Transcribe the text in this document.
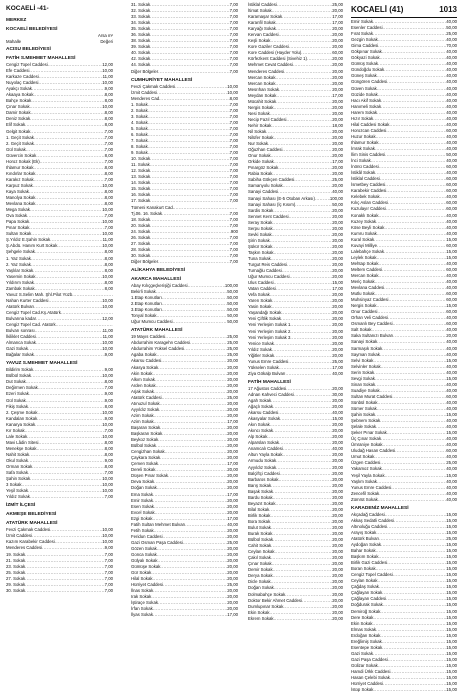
KOCAELİ -41-
MERKEZ
KOCAELİ BELEDİYESİ
Arsa m²
Mahalle	Değeri
ACISU BELEDİYESİ
FATİH S.MEHMET MAHALLESİ
Cengiz Topel Caddesi .....	12,00
Efe Caddesi .....	10,00
Karkaze Caddesi .....	11,00
Nuyolaç Caddesi .....	10,00
Ayakçı Sokak .....	9,00
Akaaya Sokak .....	8,00
Bahçe Sokak .....	8,00
Çınar Sokak .....	10,00
Damir Sokak .....	8,00
Deniz Sokak .....	8,00
Elif Sokak .....	8,00
Gelgit Sokak .....	7,00
1. Geçit Sokak .....	7,00
2. Geçit Sokak .....	7,00
Gül Sokak .....	7,00
Güvercin Sokak .....	8,00
Horoz Sokak (Ek) .....	7,00
Ihlamur Sokak .....	8,00
Kındırlar Sokak .....	8,00
Karakız Sokak .....	7,00
Karpuz Sokak .....	10,00
Kaya Sokak .....	8,00
Manolya Sokak .....	8,00
Mevlana Sokak .....	8,00
Mega Sokak .....	10,00
Ova Sokak .....	7,00
Papa Sokak .....	10,00
Pınar Sokak .....	7,00
Sultan Sokak .....	10,00
Ş.Yıldız E.Şahin Sokak .....	11,00
Ş.Abdü. Hanım Kurt Sokak .....	10,00
Şehgele Sokak .....	8,00
1. Yaz Sokak .....	8,00
2. Yaz Sokak .....	8,00
Yaşlılar Sokak .....	8,00
Yasemin Sokak .....	10,00
Yıldırım Sokak .....	8,00
Zambak Sokak .....	8,00
Yavuz S.Selim Mah. Şhl.Pilot Yüzb.
.....
Nahan Kurter Caddesi .....	10,00
Atatürk Bulvarı .....	10,00
Cengiz Topel Cad.Kş.Atatürk
.....
Bulvarına kadar .....	12,00
Cengiz Topel Cad. Atatürk
.....
Bulvarı sonrası .....	11,00
İkiliklet Caddesi .....	11,00
Almanca Sokak .....	10,00
Gazi Sokak .....	10,00
Bağalar Sokak .....	9,00
YAVUZ S.MEHMET MAHALLESİ
Bildirim Sokak .....	9,00
Bülbül Sokak .....	10,00
Dut Sokak .....	8,00
Değirmen Sokak .....	7,00
Ezeri Sokak .....	9,00
Gül Sokak .....	9,00
Fikiş Sokak .....	8,00
2. Çeşme Sokak .....	10,00
Kandalan Sokak .....	9,00
Kanarya Sokak .....	10,00
Kır Sokak .....	7,00
Lale Sokak .....	10,00
Mavi Lâdin Sitesi .....	8,00
Menekşe Sokak .....	8,00
Nahit Sokak .....	8,00
Okul Sokak .....	9,00
Orman Sokak .....	8,00
Safa Sokak .....	7,00
Şahin Sokak .....	10,00
3 Sokak .....	10,00
Yeşil Sokak .....	10,00
Yıldız Sokak .....	7,00
İZMİT İLÇESİ
AKMEŞE BELEDİYESİ
ATATÜRK MAHALLESİ
Fevzi Çakmak Caddesi .....	10,00
İzmit Caddesi .....	10,00
Kazım Karabekir Caddesi .....	10,00
Menderes Caddesi .....	9,00
19. Sokak .....	7,00
21. Sokak .....	7,00
23. Sokak .....	7,00
25. Sokak .....	7,00
27. Sokak .....	7,00
29. Sokak .....	7,00
30. Sokak .....	7,00
31. Sokak .....	7,00
32. Sokak .....	7,00
33. Sokak .....	7,00
34. Sokak .....	7,00
35. Sokak .....	7,00
36. Sokak .....	7,00
38. Sokak .....	7,00
39. Sokak .....	7,00
40. Sokak .....	7,00
42. Sokak .....	7,00
44. Sokak .....	7,00
Diğer Bölgeler .....	7,00
CUMHURİYET MAHALLESİ
Fevzi Çakmak Caddesi .....	10,00
İzmit Caddesi .....	10,00
Menderes Cad. .....	8,00
1. Sokak .....	7,00
2. Sokak .....	7,00
3. Sokak .....	7,00
4. Sokak .....	7,00
5. Sokak .....	7,00
6. Sokak .....	7,00
7. Sokak .....	7,00
8. Sokak .....	7,00
9. Sokak .....	7,00
10. Sokak .....	7,00
11. Sokak .....	7,00
12. Sokak .....	7,00
13. Sokak .....	7,00
14. Sokak .....	7,00
15. Sokak .....	7,00
16. Sokak .....	7,00
17. Sokak .....	7,00
Tümeni Kanakurt Cad.
.....
Tj.06. 16. Sokak .....	7,00
18. Sokak .....	7,00
20. Sokak .....	7,00
24. Sokak .....	900
26. Sokak .....	7,00
27. Sokak .....	7,00
28. Sokak .....	7,00
30. Sokak .....	7,00
Diğer Bölgeler .....	7,00
ALİKAHYA BELEDİYESİ
AKARCA MAHALLESİ
Abay Kılıçgeçkerişiği Caddesi .....	100,00
Bekirli Sokak .....	50,00
1.Etap Konutları .....	50,00
2.Etap Konutları .....	50,00
3.Etap Konutları .....	50,00
Tonyal Sokak .....	50,00
Uğur Mumcu Caddesi .....	50,00
ATATÜRK MAHALLESİ
19 Mayıs Caddesi .....	25,00
Abdurrahim Karagehn Caddesi .....	25,00
Abdurrahim Yüksel Caddesi .....	25,00
Agaba Sokak .....	25,00
Akarsu Caddesi .....	20,00
Akasya Sokak .....	20,00
Akin Sokak .....	20,00
Alkım Sokak .....	20,00
Arden Sokak .....	20,00
Arjak Sokak .....	20,00
Atatürk Caddesi .....	25,00
Atınuzul Sokak .....	20,00
Ayyıldız Sokak .....	20,00
Azim Sokak .....	20,00
Azim Sokak .....	17,00
Başaran Sokak .....	20,00
Başkaran Sokak .....	20,00
Beykoz Sokak .....	20,00
Bülbül Sokak .....	20,00
Cengizhan Sokak .....	20,00
Çaykara Sokak .....	20,00
Çemen Sokak .....	17,00
Dereli Sokak .....	20,00
Düşen Pınar Sokak .....	20,00
Deva Sokak .....	20,00
Doğan Sokak .....	20,00
Ema Sokak .....	17,00
Emir Sokak .....	20,00
Esen Sokak .....	20,00
Evcel Sokak .....	20,00
Ezgi Sokak .....	17,00
Fatih Sultan Mehmet Bulvarı .....	40,00
Fetih Sokak .....	20,00
Feridun Caddesi .....	20,00
Gazi Osman Paşa Caddesi .....	25,00
Gözen Sokak .....	20,00
Gonca Sokak .....	20,00
Gülyalı Sokak .....	20,00
Gümüşe Sokak .....	20,00
Gür Sokak .....	20,00
Hilal Sokak .....	20,00
Hürriyet Caddesi .....	25,00
İlnas Sokak .....	20,00
Irak Sokak .....	20,00
İştiraçe Sokak .....	20,00
İrfan Sokak .....	20,00
İlyas Sokak .....	17,00
İstiklal Caddesi .....	25,00
İtimat Sokak .....	20,00
Karamaşar Sokak .....	17,00
Karanfil Sokak .....	17,00
Karyağı Sokak .....	20,00
Kervan Caddesi .....	20,00
Keşli Sokak .....	20,00
Kore Gaziler Caddesi .....	20,00
Kore Caddesi (Hayder Yolu) .....	60,00
Körfezkent Caddesi (Sivehiz 1) .....	20,00
Mehmet Cevat Caddesi .....	20,00
Menderes Caddesi .....	20,00
Mercan Sokak .....	20,00
Mercan Sokak .....	20,00
Mesrıhan Sokak .....	20,00
Meydan Sokak .....	17,00
Mücahit Sokak .....	20,00
Nergis Sokak .....	20,00
Nesi Sokak .....	20,00
Necip Fazıl Caddesi .....	20,00
Nehir Sokak .....	18,00
Nil Sokak .....	20,00
Nilüfer Sokak .....	20,00
Nur Sokak .....	20,00
Oğuzhan Caddesi .....	20,00
Onur Sokak .....	20,00
Orkide Sokak .....	17,00
Pınargöz Sokak .....	20,00
Rabia Sokak .....	20,00
Sabiha Gökçen Caddesi .....	25,00
Samanyolu Sokak .....	20,00
Sanayi Caddesi .....	40,00
Sanayi Sahası (E-5 Otoban Arkası) .....	100,00
Sanayi Sahası (İç Kısım) .....	50,00
Sardis Sokak .....	20,00
Sennet Kent Caddesi .....	20,00
Seray Sokak .....	20,00
Serpu Sokak .....	20,00
Sevki Sokak .....	20,00
Şirin Sokak .....	20,00
Şükür Sokak .....	20,00
Taşkın Sokak .....	20,00
Tuna Sokak .....	20,00
Turgut Reis Caddesi .....	20,00
Turnağlu Caddesi .....	20,00
Uğur Mumcu Caddesi .....	20,00
Ulus Caddesi .....	15,00
Vatan Caddesi .....	17,00
Vefa Sokak .....	20,00
Yaren Sokak .....	20,00
Yasin Sokak .....	20,00
Yaşandağı Sokak .....	20,00
Yeni Çiftlik Sokak .....	20,00
Yeni Yerleşim Sokak 1 .....	20,00
Yeni Yerleşim Sokak 2 .....	20,00
Yeni Yerleşim Sokak 3 .....	20,00
Yenice Sokak .....	20,00
Yıldız Sokak .....	20,00
Yiğitler Sokak .....	20,00
Yunus Emre Caddesi .....	25,00
Yükselen Sokak .....	17,00
Ziya Gökalp Bulvarı .....	40,00
FATİH MAHALLESİ
17 Ağustos Caddesi .....	20,00
Adnan Kahveci Caddesi .....	30,00
Agah Sokak .....	20,00
Ağaçlı Sokak .....	20,00
Akarsu Caddesi .....	40,00
Akasyalar Sokak .....	15,00
Akın Sokak .....	20,00
Akıncı Sokak .....	20,00
Alp Sokak .....	20,00
Alparslan Sokak .....	20,00
Anamcalı Caddesi .....	40,00
Altun Yayla Sokak .....	20,00
Armudu Sokak .....	20,00
Ayyıldız Sokak .....	20,00
Balçiftçi Caddesi .....	20,00
Barbaros Sokak .....	20,00
Barış Sokak .....	20,00
Başak Sokak .....	20,00
Bardu Sokak .....	20,00
Beyazıt Sokak .....	20,00
Bilal Sokak .....	20,00
Birlik Sokak .....	20,00
Bora Sokak .....	20,00
Bulut Sokak .....	20,00
Burak Sokak .....	20,00
Bülbül Sokak .....	20,00
Cahit Sokak .....	20,00
Ceylan Sokak .....	20,00
Çakıl Sokak .....	20,00
Çınar Sokak .....	20,00
Demir Sokak .....	20,00
Derya Sokak .....	20,00
Dicle Sokak .....	20,00
Doğan Sokak .....	20,00
Dolmabahçe Sokak .....	20,00
Doktor Bekir Ahmet Caddesi .....	20,00
Dumlupınar Sokak .....	20,00
Ekin Sokak .....	20,00
Ekrem Sokak .....	20,00
KOCAELİ (41)	1013
Emir Sokak .....	40,00
Esenler Caddesi .....	50,00
Fırat Sokak .....	25,00
Gezgin Sokak .....	40,00
Gima Caddesi .....	70,00
Gökpınar Sokak .....	40,00
Gökyazi Sokak .....	40,00
Gümüş Sokak .....	40,00
Gündoğdu Sokak .....	40,00
Güneş Sokak .....	40,00
Güngören Caddesi .....	40,00
Güven Sokak .....	40,00
Güzide Sokak .....	40,00
Hacı Akif Sokak .....	40,00
Hanımeli Sokak .....	40,00
Harem Sokak .....	40,00
Hızır Sokak .....	40,00
Hilal Caddesi Sokak .....	40,00
Horozcan Caddesi .....	60,00
Huzur Sokak .....	40,00
Ihlamur Sokak .....	40,00
İmrak Sokak .....	40,00
İlim Sinis Caddesi .....	50,00
İnci Sokak .....	40,00
İnönü Caddesi .....	60,00
İstikâl Sokak .....	40,00
İstiklal Caddesi .....	60,00
İsmetbey Caddesi .....	60,00
Karabekir Caddesi .....	60,00
Kelebek Sokak .....	40,00
Kılıç Aslan Caddesi .....	60,00
Kuzulayır Caddesi .....	60,00
Konaklı Sokak .....	40,00
Kuzey Sokak .....	40,00
Köse Beyli Sokak .....	40,00
Kumru Sokak .....	40,00
Kural Sokak .....	15,00
Kuvayi Milliye .....	60,00
Lalebahçe Sokak .....	15,00
Leylek Sokak .....	15,00
Mehtap Sokak .....	40,00
Meltem Caddesi .....	60,00
Mercan Sokak .....	40,00
Meriç Sokak .....	40,00
Mevlana Caddesi .....	40,00
Mutlu Sokak .....	60,00
Muhsinyaz Caddesi .....	60,00
Nergis Sokak .....	15,00
Onur Caddesi .....	60,00
Orhan Veli Caddesi .....	40,00
Osmanlı Bey Caddesi .....	60,00
Salt Sokak .....	40,00
Saka Sultanızı Bulvarı .....	20,00
Sanayi Sokak .....	40,00
Sarmaşık Sokak .....	40,00
Sayman Sokak .....	40,00
Selvi Sokak .....	15,00
Selvinler Sokak .....	40,00
Serin Sokak .....	40,00
Sevgi Sokak .....	15,00
Sinan Sokak .....	40,00
Suadiye Sokak .....	40,00
Sultan Murat Caddesi .....	60,00
Sünbül Sokak .....	40,00
Sümer Sokak .....	40,00
Şahin Sokak .....	15,00
Şebnem Sokak .....	40,00
Şelale Sokak .....	40,00
Şeker Pınar Sokak .....	15,00
Üç Çınar Sokak .....	40,00
Ümraniye Sokak .....	40,00
Uludağ Hasan Caddesi .....	60,00
Umut Sokak .....	40,00
Üzgen Caddesi .....	25,00
Yakamoz Sokak .....	40,00
Yeşil Yayla Sokak .....	15,00
Yaşlım Sokak .....	40,00
Yunus Emre Caddesi .....	40,00
Zencefil Sokak .....	40,00
Zümrüt Sokak .....	40,00
KARADENİZ MAHALLESİ
Akçadağ Caddesi .....	15,00
Akkaş Sedatli Caddesi .....	15,00
Altınoluğu Caddesi .....	15,00
Arayış Sokak .....	15,00
Atatürk Bulvarı .....	25,00
Aydoğan Sokak .....	15,00
Bahar Sokak .....	15,00
Başkım Sokak .....	15,00
Birlik Gazi Caddesi .....	15,00
Boran Sokak .....	15,00
Cengiz Topel Caddesi .....	15,00
Ceylan Sokak .....	15,00
Çağdaş Sokak .....	15,00
Çağlayan Sokak .....	15,00
Çağlayan Caddesi .....	15,00
Doğdurak Sokak .....	15,00
Demiroğ Sokak .....	15,00
Dere Sokak .....	15,00
Ekin Sokak .....	15,00
Elmas Sokak .....	15,00
Erdoğan Sokak .....	15,00
Ereğlimiş Sokak .....	15,00
Esentepe Sokak .....	15,00
Gazi Sokak .....	15,00
Gazi Paşa Caddesi .....	15,00
Gülizar Sokak .....	15,00
Hamdi Ürkk Caddesi .....	15,00
Hasan Çelebi Sokak .....	15,00
Hürriyet Caddesi .....	15,00
İstop Sokak .....	15,00
